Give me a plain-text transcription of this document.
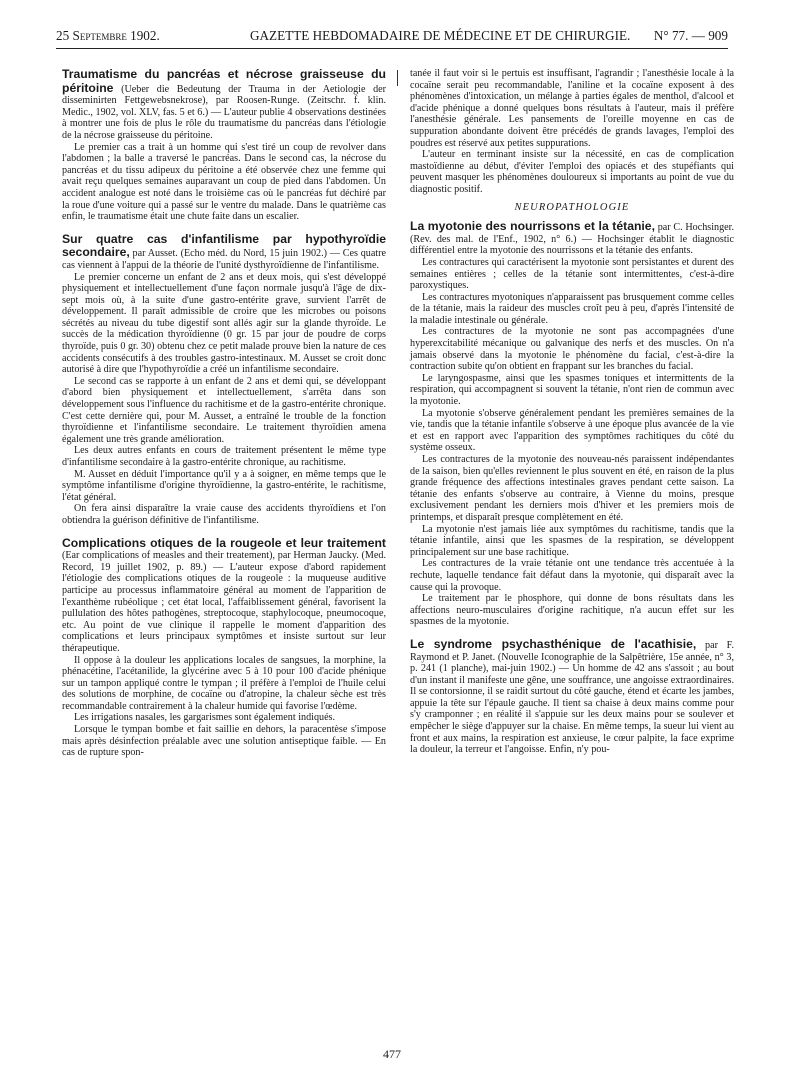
25 Septembre 1902.	GAZETTE HEBDOMADAIRE DE MÉDECINE ET DE CHIRURGIE. N° 77. — 909

Traumatisme du pancréas et nécrose graisseuse du péritoine (Ueber die Bedeutung der Trauma in der Aetiologie der disseminirten Fettgewebsnekrose), par Roosen-Runge. (Zeitschr. f. klin. Medic., 1902, vol. XLV, fas. 5 et 6.) — L'auteur publie 4 observations destinées à montrer une fois de plus le rôle du traumatisme du pancréas dans l'étiologie de la nécrose graisseuse du péritoine.

Le premier cas a trait à un homme qui s'est tiré un coup de revolver dans l'abdomen ; la balle a traversé le pancréas. Dans le second cas, la nécrose du pancréas et du tissu adipeux du péritoine a été observée chez une femme qui avait reçu quelques semaines auparavant un coup de pied dans l'abdomen. Un accident analogue est noté dans le troisième cas où le pancréas fut déchiré par la roue d'une voiture qui a passé sur le ventre du malade. Dans le quatrième cas enfin, le traumatisme était une chute faite dans un escalier.

Sur quatre cas d'infantilisme par hypothyroïdie secondaire, par Ausset. (Echo méd. du Nord, 15 juin 1902.) — Ces quatre cas viennent à l'appui de la théorie de l'unité dysthyroïdienne de l'infantilisme.

Le premier concerne un enfant de 2 ans et deux mois, qui s'est développé physiquement et intellectuellement d'une façon normale jusqu'à l'âge de dix-sept mois où, à la suite d'une gastro-entérite grave, survient l'arrêt de développement. Il paraît admissible de croire que les microbes ou poisons sécrétés au niveau du tube digestif sont allés agir sur la glande thyroïde. Le succès de la médication thyroïdienne (0 gr. 15 par jour de poudre de corps thyroïde, puis 0 gr. 30) obtenu chez ce petit malade prouve bien la nature de ces accidents consécutifs à des troubles gastro-intestinaux. M. Ausset se croit donc autorisé à dire que l'hypothyroïdie a créé un infantilisme secondaire.

Le second cas se rapporte à un enfant de 2 ans et demi qui, se développant d'abord bien physiquement et intellectuellement, s'arrêta dans son développement sous l'influence du rachitisme et de la gastro-entérite chronique. C'est cette dernière qui, pour M. Ausset, a entraîné le trouble de la fonction thyroïdienne et l'infantilisme secondaire. Le traitement thyroïdien amena également une très grande amélioration.

Les deux autres enfants en cours de traitement présentent le même type d'infantilisme secondaire à la gastro-entérite chronique, au rachitisme.

M. Ausset en déduit l'importance qu'il y a à soigner, en même temps que le symptôme infantilisme d'origine thyroïdienne, la gastro-entérite, le rachitisme, l'état général.

On fera ainsi disparaître la vraie cause des accidents thyroïdiens et l'on obtiendra la guérison définitive de l'infantilisme.

Complications otiques de la rougeole et leur traitement (Ear complications of measles and their treatement), par Herman Jaucky. (Med. Record, 19 juillet 1902, p. 89.) — L'auteur expose d'abord rapidement l'étiologie des complications otiques de la rougeole : la muqueuse auditive participe au processus inflammatoire général au moment de l'apparition de l'exanthème rubéolique ; cet état local, l'affaiblissement général, favorisent la pullulation des hôtes pathogènes, streptocoque, staphylocoque, pneumocoque, etc. Au point de vue clinique il rappelle le moment d'apparition des complications et leurs principaux symptômes et insiste surtout sur leur thérapeutique.

Il oppose à la douleur les applications locales de sangsues, la morphine, la phénacétine, l'acétanilide, la glycérine avec 5 à 10 pour 100 d'acide phénique sur un tampon appliqué contre le tympan ; il préfère à l'emploi de l'huile celui des solutions de morphine, de cocaïne ou d'atropine, la chaleur sèche est très recommandable contrairement à la chaleur humide qui favorise l'œdème.

Les irrigations nasales, les gargarismes sont également indiqués.

Lorsque le tympan bombe et fait saillie en dehors, la paracentèse s'impose mais après désinfection préalable avec une solution antiseptique faible. — En cas de rupture spon-

tanée il faut voir si le pertuis est insuffisant, l'agrandir ; l'anesthésie locale à la cocaïne serait peu recommandable, l'aniline et la cocaïne exposent à des phénomènes d'intoxication, un mélange à parties égales de menthol, d'alcool et d'acide phénique a donné quelques bons résultats à l'auteur, mais il préfère l'anesthésie générale. Les pansements de l'oreille moyenne en cas de suppuration abondante doivent être précédés de grands lavages, l'emploi des poudres est réservé aux petites suppurations.

L'auteur en terminant insiste sur la nécessité, en cas de complication mastoïdienne au début, d'éviter l'emploi des opiacés et des stupéfiants qui peuvent masquer les phénomènes douloureux si importants au point de vue du diagnostic positif.

NEUROPATHOLOGIE

La myotonie des nourrissons et la tétanie, par C. Hochsinger. (Rev. des mal. de l'Enf., 1902, n° 6.) — Hochsinger établit le diagnostic différentiel entre la myotonie des nourrissons et la tétanie des enfants.

Les contractures qui caractérisent la myotonie sont persistantes et durent des semaines entières ; celles de la tétanie sont intermittentes, c'est-à-dire paroxystiques.

Les contractures myotoniques n'apparaissent pas brusquement comme celles de la tétanie, mais la raideur des muscles croît peu à peu, d'après l'intensité de la maladie intestinale ou générale.

Les contractures de la myotonie ne sont pas accompagnées d'une hyperexcitabilité mécanique ou galvanique des nerfs et des muscles. On n'a jamais observé dans la myotonie le phénomène du facial, c'est-à-dire la contraction subite qu'on obtient en frappant sur les branches du facial.

Le laryngospasme, ainsi que les spasmes toniques et intermittents de la respiration, qui accompagnent si souvent la tétanie, n'ont rien de commun avec la myotonie.

La myotonie s'observe généralement pendant les premières semaines de la vie, tandis que la tétanie infantile s'observe à une époque plus avancée de la vie et est en rapport avec l'apparition des symptômes rachitiques du côté du système osseux.

Les contractures de la myotonie des nouveau-nés paraissent indépendantes de la saison, bien qu'elles reviennent le plus souvent en été, en raison de la plus grande fréquence des affections intestinales graves pendant cette saison. La tétanie des enfants s'observe au contraire, à Vienne du moins, presque exclusivement pendant les derniers mois d'hiver et les premiers mois de printemps, et disparaît presque complètement en été.

La myotonie n'est jamais liée aux symptômes du rachitisme, tandis que la tétanie infantile, ainsi que les spasmes de la respiration, se développent principalement sur une base rachitique.

Les contractures de la vraie tétanie ont une tendance très accentuée à la rechute, laquelle tendance fait défaut dans la myotonie, qui disparaît avec la cause qui la provoque.

Le traitement par le phosphore, qui donne de bons résultats dans les affections neuro-musculaires d'origine rachitique, n'a aucun effet sur les spasmes de la myotonie.

Le syndrome psychasthénique de l'acathisie, par F. Raymond et P. Janet. (Nouvelle Iconographie de la Salpêtrière, 15e année, n° 3, p. 241 (1 planche), mai-juin 1902.) — Un homme de 42 ans s'assoit ; au bout d'un instant il manifeste une gêne, une souffrance, une angoisse extraordinaires. Il se contorsionne, il se raidit surtout du côté gauche, étend et écarte les jambes, appuie la tête sur l'épaule gauche. Il tient sa chaise à deux mains comme pour s'y cramponner ; en réalité il s'appuie sur les deux mains pour se soulever et empêcher le siège d'appuyer sur la chaise. En même temps, la sueur lui vient au front et aux mains, la respiration est anxieuse, le cœur palpite, la face exprime la douleur, la terreur et l'angoisse. Enfin, n'y pou-

477
